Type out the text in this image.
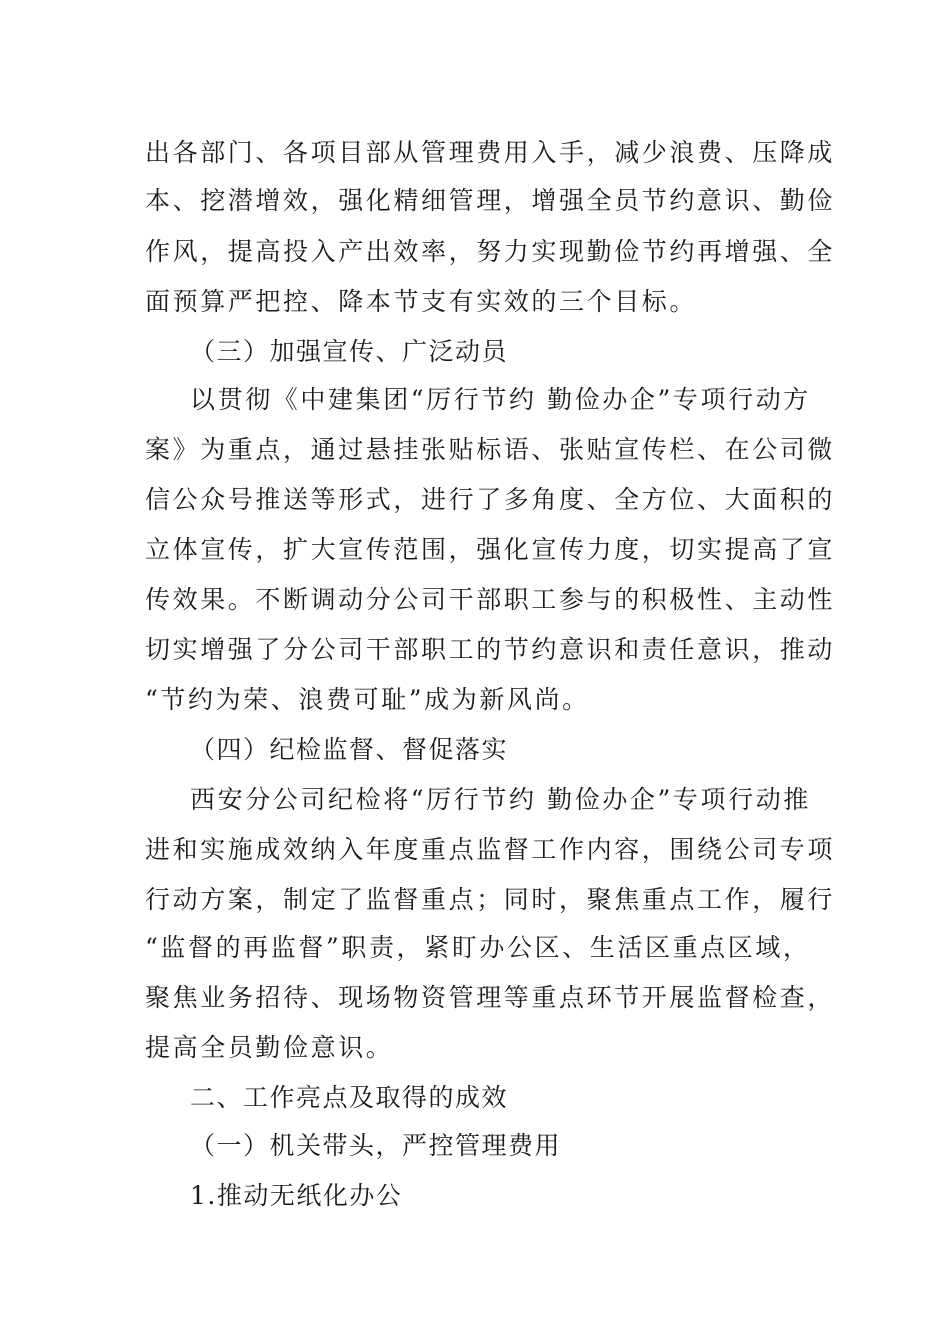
出各部门、各项目部从管理费用入手，减少浪费、压降成
本、挖潜增效，强化精细管理，增强全员节约意识、勤俭
作风，提高投入产出效率，努力实现勤俭节约再增强、全
面预算严把控、降本节支有实效的三个目标。
（三）加强宣传、广泛动员
以贯彻《中建集团“厉行节约 勤俭办企”专项行动方
案》为重点，通过悬挂张贴标语、张贴宣传栏、在公司微
信公众号推送等形式，进行了多角度、全方位、大面积的
立体宣传，扩大宣传范围，强化宣传力度，切实提高了宣
传效果。不断调动分公司干部职工参与的积极性、主动性
切实增强了分公司干部职工的节约意识和责任意识，推动
“节约为荣、浪费可耻”成为新风尚。
（四）纪检监督、督促落实
西安分公司纪检将“厉行节约 勤俭办企”专项行动推
进和实施成效纳入年度重点监督工作内容，围绕公司专项
行动方案，制定了监督重点；同时，聚焦重点工作，履行
“监督的再监督”职责，紧盯办公区、生活区重点区域，
聚焦业务招待、现场物资管理等重点环节开展监督检查，
提高全员勤俭意识。
二、工作亮点及取得的成效
（一）机关带头，严控管理费用
1.推动无纸化办公
